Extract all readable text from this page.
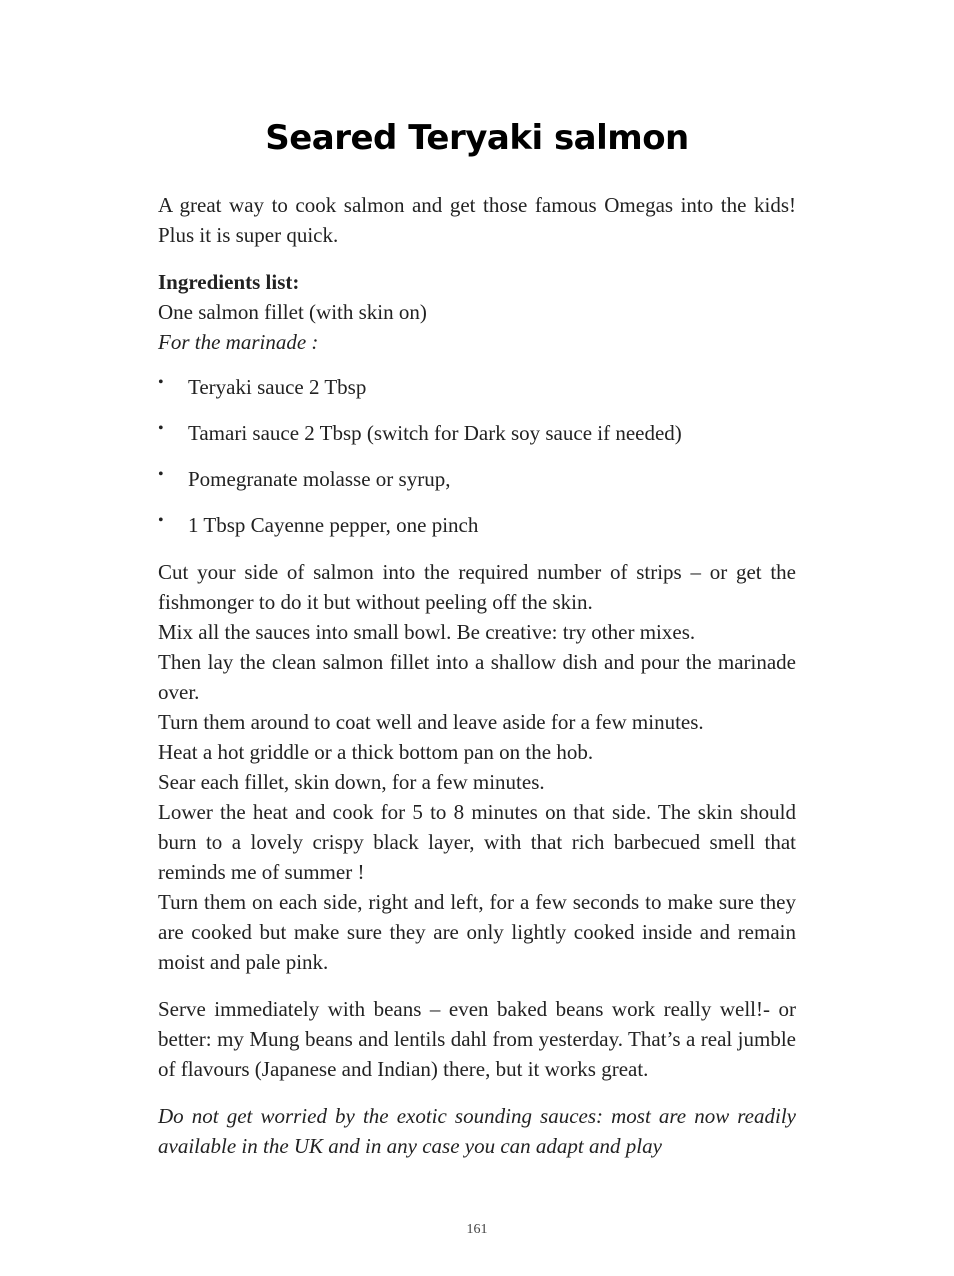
Seared Teryaki salmon

A great way to cook salmon and get those famous Omegas into the kids! Plus it is super quick.

Ingredients list:

One salmon fillet (with skin on)

For the marinade :

• Teryaki sauce 2 Tbsp
• Tamari sauce 2 Tbsp (switch for Dark soy sauce if needed)
• Pomegranate molasse or syrup,
• 1 Tbsp Cayenne pepper, one pinch

Cut your side of salmon into the required number of strips – or get the fishmonger to do it but without peeling off the skin.

Mix all the sauces into small bowl. Be creative: try other mixes.

Then lay the clean salmon fillet into a shallow dish and pour the marinade over.

Turn them around to coat well and leave aside for a few minutes.

Heat a hot griddle or a thick bottom pan on the hob.

Sear each fillet, skin down, for a few minutes.

Lower the heat and cook for 5 to 8 minutes on that side. The skin should burn to a lovely crispy black layer, with that rich barbecued smell that reminds me of summer !

Turn them on each side, right and left, for a few seconds to make sure they are cooked but make sure they are only lightly cooked inside and remain moist and pale pink.

Serve immediately with beans – even baked beans work really well!- or better: my Mung beans and lentils dahl from yesterday. That’s a real jumble of flavours (Japanese and Indian) there, but it works great.

Do not get worried by the exotic sounding sauces: most are now readily available in the UK and in any case you can adapt and play

161
